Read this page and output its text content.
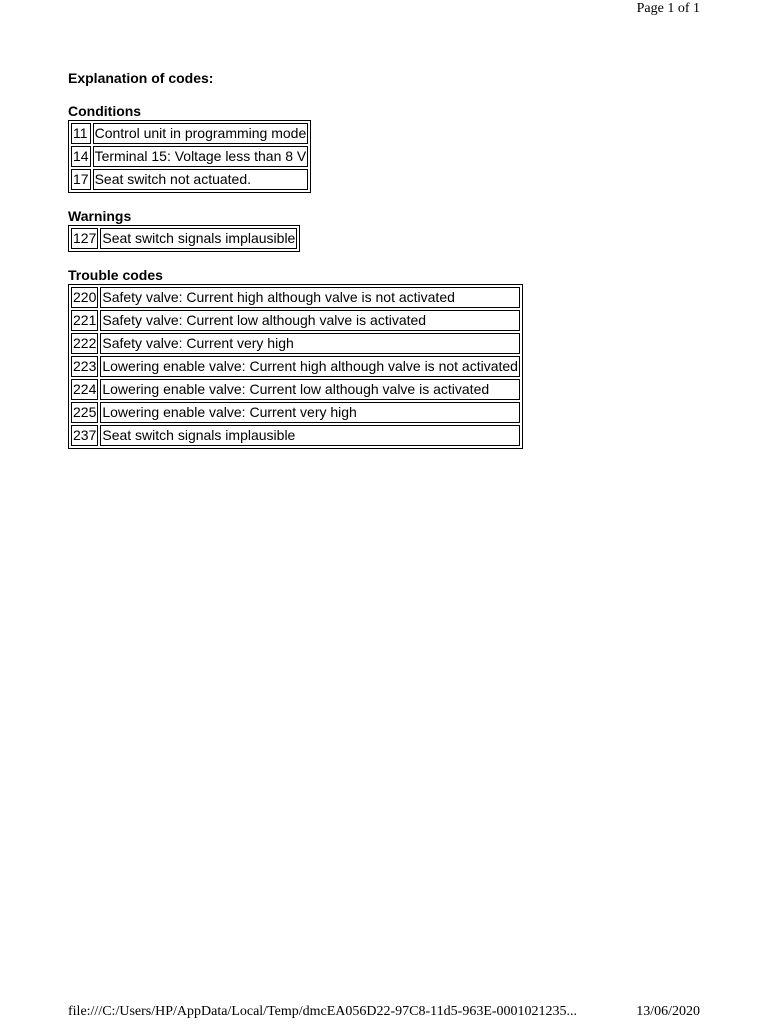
Page 1 of 1

Explanation of codes:

Conditions

11	Control unit in programming mode
14	Terminal 15: Voltage less than 8 V
17	Seat switch not actuated.

Warnings

127	Seat switch signals implausible

Trouble codes

220	Safety valve: Current high although valve is not activated
221	Safety valve: Current low although valve is activated
222	Safety valve: Current very high
223	Lowering enable valve: Current high although valve is not activated
224	Lowering enable valve: Current low although valve is activated
225	Lowering enable valve: Current very high
237	Seat switch signals implausible
file:///C:/Users/HP/AppData/Local/Temp/dmcEA056D22-97C8-11d5-963E-0001021235...	13/06/2020
